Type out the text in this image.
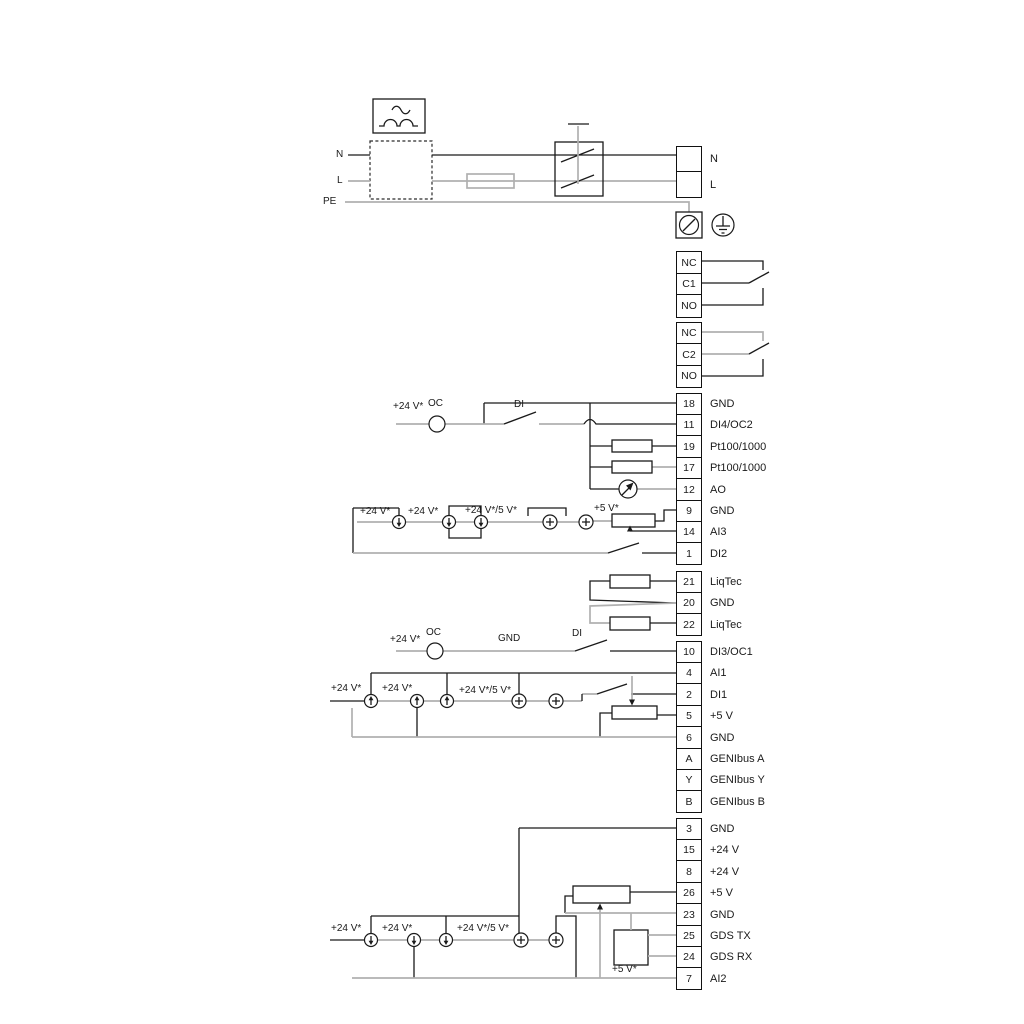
N
L
NC
C1
NO
NC
C2
NO
18	GND
11	DI4/OC2
19	Pt100/1000
17	Pt100/1000
12	AO
9	GND
14	AI3
1	DI2
21	LiqTec
20	GND
22	LiqTec
10	DI3/OC1
4	AI1
2	DI1
5	+5 V
6	GND
A	GENIbus A
Y	GENIbus Y
B	GENIbus B
3	GND
15	+24 V
8	+24 V
26	+5 V
23	GND
25	GDS TX
24	GDS RX
7	AI2
N
L
PE
+24 V* OC	DI
+24 V* +24 V*	+24 V*/5 V*	+5 V*
+24 V*
OC
GND	DI
+24 V* +24 V*	+24 V*/5 V*
+24 V* +24 V*	+24 V*/5 V*
+5 V*
